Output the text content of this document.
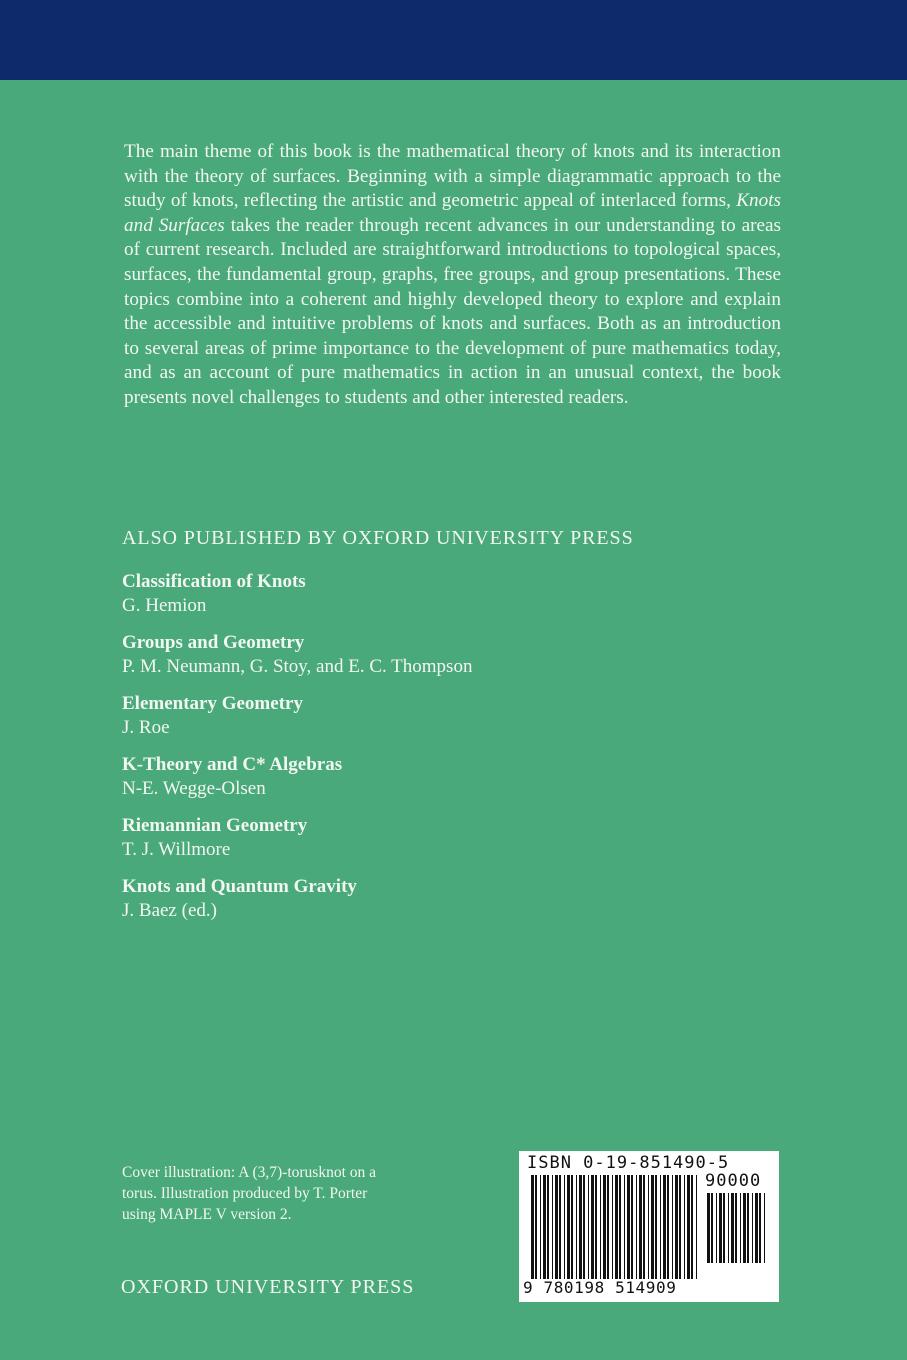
The main theme of this book is the mathematical theory of knots and its interaction with the theory of surfaces. Beginning with a simple diagrammatic approach to the study of knots, reflecting the artistic and geometric appeal of interlaced forms, Knots and Surfaces takes the reader through recent advances in our understanding to areas of current research. Included are straightforward introductions to topological spaces, surfaces, the fundamental group, graphs, free groups, and group presentations. These topics combine into a coherent and highly developed theory to explore and explain the accessible and intuitive problems of knots and surfaces. Both as an introduction to several areas of prime importance to the development of pure mathematics today, and as an account of pure mathematics in action in an unusual context, the book presents novel challenges to students and other interested readers.

ALSO PUBLISHED BY OXFORD UNIVERSITY PRESS
Classification of Knots
G. Hemion
Groups and Geometry
P. M. Neumann, G. Stoy, and E. C. Thompson
Elementary Geometry
J. Roe
K-Theory and C* Algebras
N-E. Wegge-Olsen
Riemannian Geometry
T. J. Willmore
Knots and Quantum Gravity
J. Baez (ed.)

Cover illustration: A (3,7)-torusknot on a
torus. Illustration produced by T. Porter
using MAPLE V version 2.

OXFORD UNIVERSITY PRESS

ISBN 0-19-851490-5
90000
9 780198 514909
